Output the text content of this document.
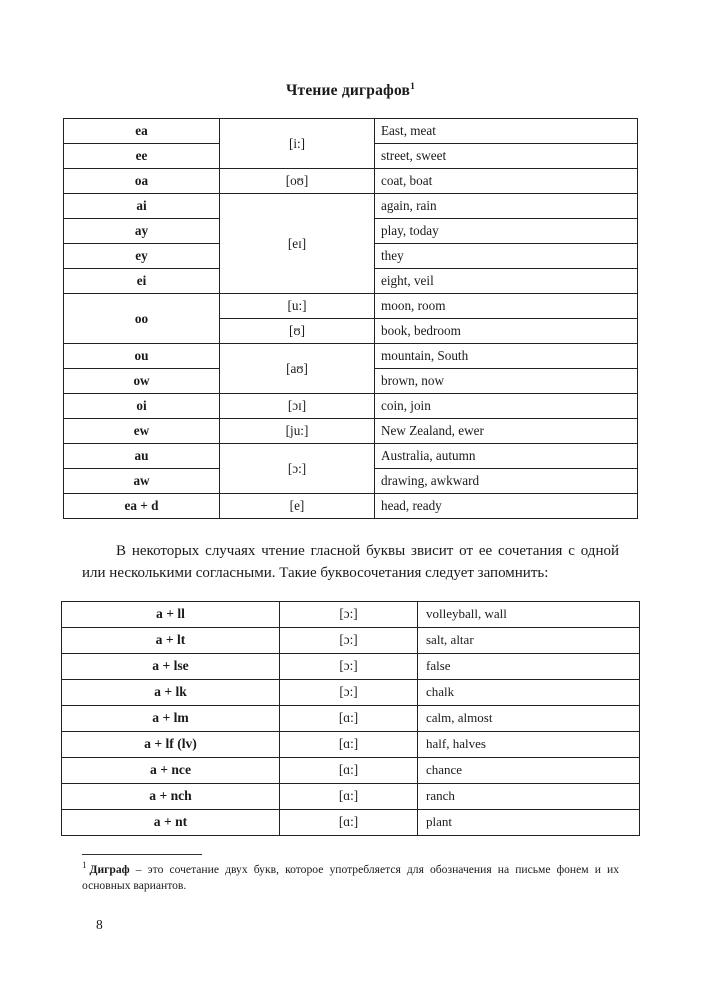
Чтение диграфов$^1$
ea	[i:]	East, meat
ee		street, sweet
oa	[oʊ]	coat, boat
ai	[eɪ]	again, rain
ay		play, today
ey		they
ei		eight, veil
oo	[u:]	moon, room
	[ʊ]	book, bedroom
ou	[aʊ]	mountain, South
ow		brown, now
oi	[ɔɪ]	coin, join
ew	[ju:]	New Zealand, ewer
au	[ɔ:]	Australia, autumn
aw		drawing, awkward
ea + d	[e]	head, ready

В некоторых случаях чтение гласной буквы звисит от ее сочетания с одной или несколькими согласными. Такие буквосочетания следует запомнить:

a + ll	[ɔ:]	volleyball, wall
a + lt	[ɔ:]	salt, altar
a + lse	[ɔ:]	false
a + lk	[ɔ:]	chalk
a + lm	[ɑ:]	calm, almost
a + lf (lv)	[ɑ:]	half, halves
a + nce	[ɑ:]	chance
a + nch	[ɑ:]	ranch
a + nt	[ɑ:]	plant

$^1$ Диграф – это сочетание двух букв, которое употребляется для обозначения на письме фонем и их основных вариантов.

8
